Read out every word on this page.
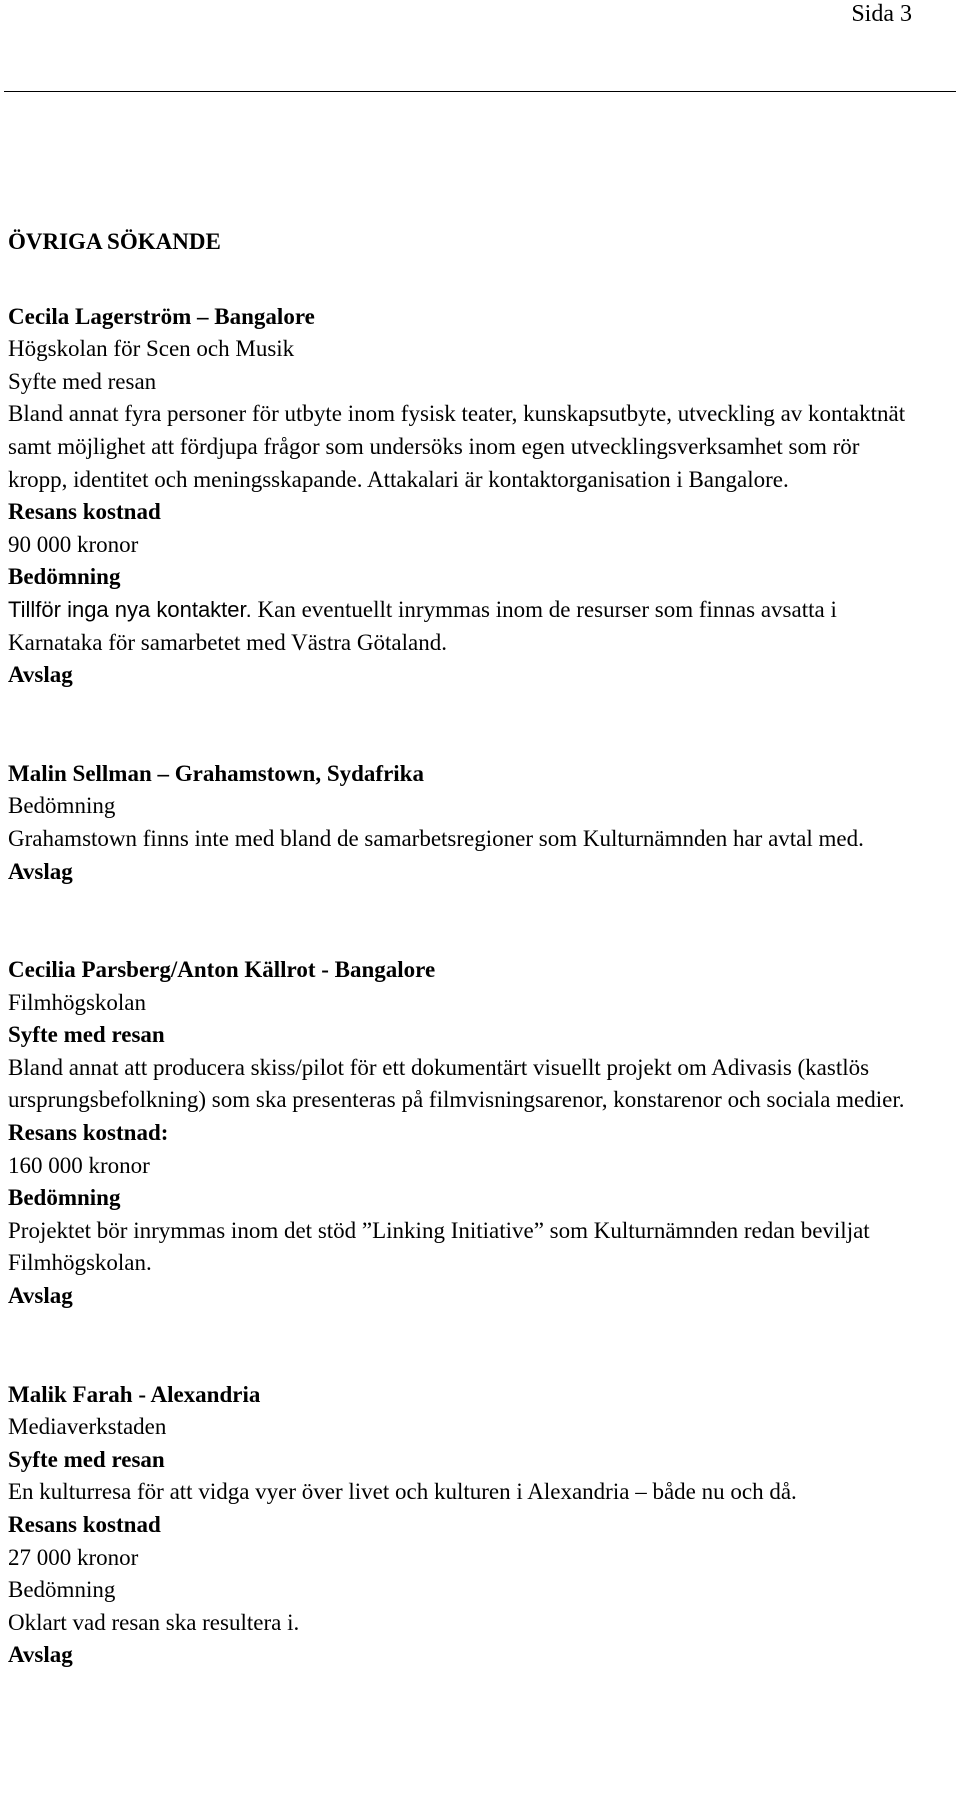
Sida 3

ÖVRIGA SÖKANDE

Cecila Lagerström – Bangalore

Högskolan för Scen och Musik

Syfte med resan

Bland annat fyra personer för utbyte inom fysisk teater, kunskapsutbyte, utveckling av kontaktnät samt möjlighet att fördjupa frågor som undersöks inom egen utvecklingsverksamhet som rör kropp, identitet och meningsskapande. Attakalari är kontaktorganisation i Bangalore.

Resans kostnad

90 000 kronor

Bedömning

Tillför inga nya kontakter. Kan eventuellt inrymmas inom de resurser som finnas avsatta i Karnataka för samarbetet med Västra Götaland.

Avslag

Malin Sellman – Grahamstown, Sydafrika

Bedömning

Grahamstown finns inte med bland de samarbetsregioner som Kulturnämnden har avtal med.

Avslag

Cecilia Parsberg/Anton Källrot - Bangalore

Filmhögskolan

Syfte med resan

Bland annat att producera skiss/pilot för ett dokumentärt visuellt projekt om Adivasis (kastlös ursprungsbefolkning) som ska presenteras på filmvisningsarenor, konstarenor och sociala medier.

Resans kostnad:

160 000 kronor

Bedömning

Projektet bör inrymmas inom det stöd ”Linking Initiative” som Kulturnämnden redan beviljat Filmhögskolan.

Avslag

Malik Farah - Alexandria

Mediaverkstaden

Syfte med resan

En kulturresa för att vidga vyer över livet och kulturen i Alexandria – både nu och då.

Resans kostnad

27 000 kronor

Bedömning

Oklart vad resan ska resultera i.

Avslag
